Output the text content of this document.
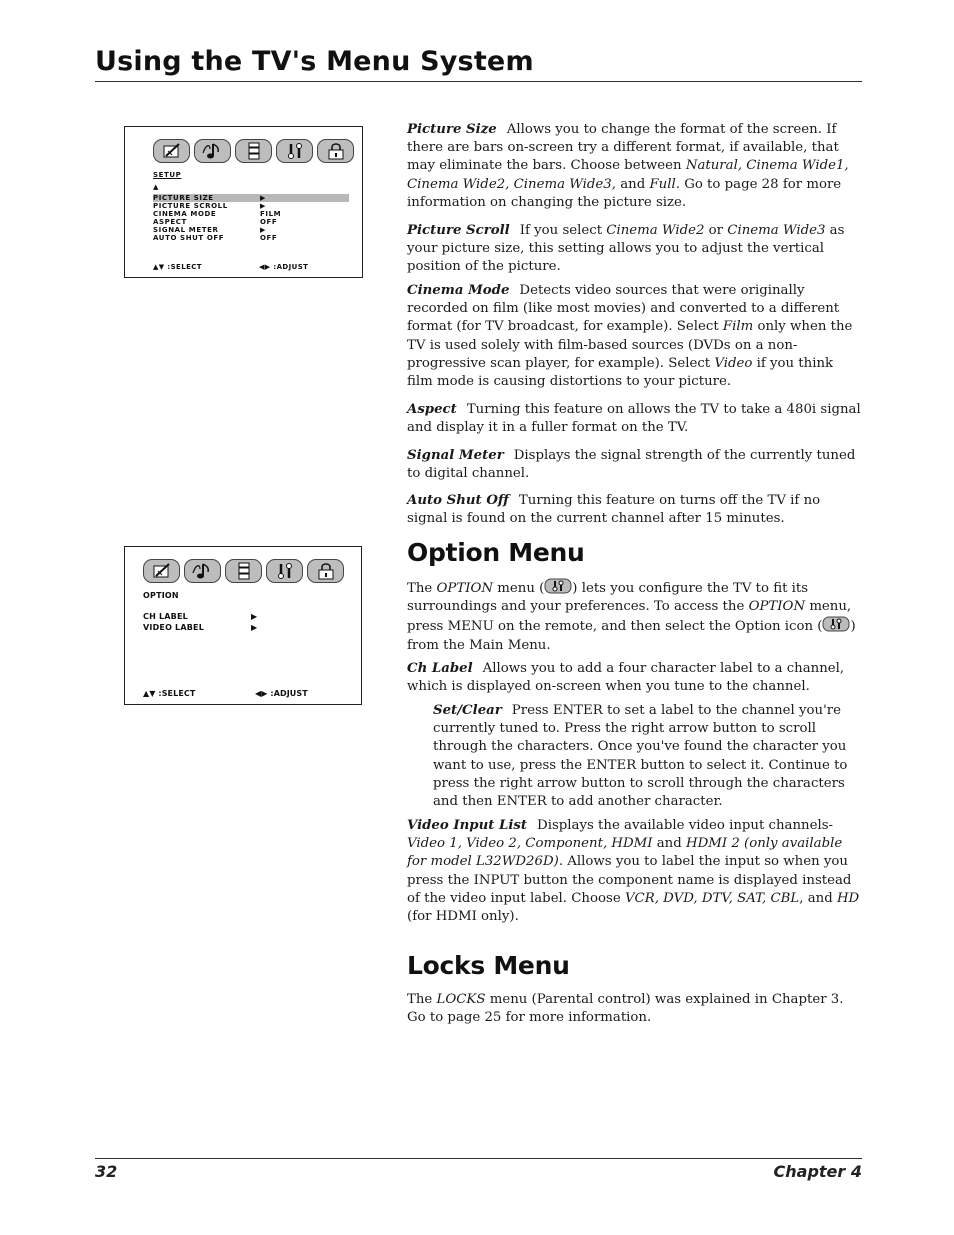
Using the TV's Menu System
SETUP
▲
PICTURE SIZE	▶
PICTURE SCROLL	▶
CINEMA MODE	FILM
ASPECT	OFF
SIGNAL METER	▶
AUTO SHUT OFF	OFF
▲▼ :SELECT	◀▶ :ADJUST
OPTION
CH LABEL	▶
VIDEO LABEL	▶
▲▼ :SELECT	◀▶ :ADJUST

Picture Size Allows you to change the format of the screen. If there are bars on-screen try a different format, if available, that may eliminate the bars. Choose between Natural, Cinema Wide1, Cinema Wide2, Cinema Wide3, and Full. Go to page 28 for more information on changing the picture size.

Picture Scroll If you select Cinema Wide2 or Cinema Wide3 as your picture size, this setting allows you to adjust the vertical position of the picture.

Cinema Mode Detects video sources that were originally recorded on film (like most movies) and converted to a different format (for TV broadcast, for example). Select Film only when the TV is used solely with film-based sources (DVDs on a non-progressive scan player, for example). Select Video if you think film mode is causing distortions to your picture.

Aspect Turning this feature on allows the TV to take a 480i signal and display it in a fuller format on the TV.

Signal Meter Displays the signal strength of the currently tuned to digital channel.

Auto Shut Off Turning this feature on turns off the TV if no signal is found on the current channel after 15 minutes.

Option Menu

The OPTION menu ( ) lets you configure the TV to fit its surroundings and your preferences. To access the OPTION menu, press MENU on the remote, and then select the Option icon ( ) from the Main Menu.

Ch Label Allows you to add a four character label to a channel, which is displayed on-screen when you tune to the channel.

Set/Clear Press ENTER to set a label to the channel you're currently tuned to. Press the right arrow button to scroll through the characters. Once you've found the character you want to use, press the ENTER button to select it. Continue to press the right arrow button to scroll through the characters and then ENTER to add another character.

Video Input List Displays the available video input channels- Video 1, Video 2, Component, HDMI and HDMI 2 (only available for model L32WD26D). Allows you to label the input so when you press the INPUT button the component name is displayed instead of the video input label. Choose VCR, DVD, DTV, SAT, CBL, and HD (for HDMI only).

Locks Menu

The LOCKS menu (Parental control) was explained in Chapter 3. Go to page 25 for more information.

32	Chapter 4
